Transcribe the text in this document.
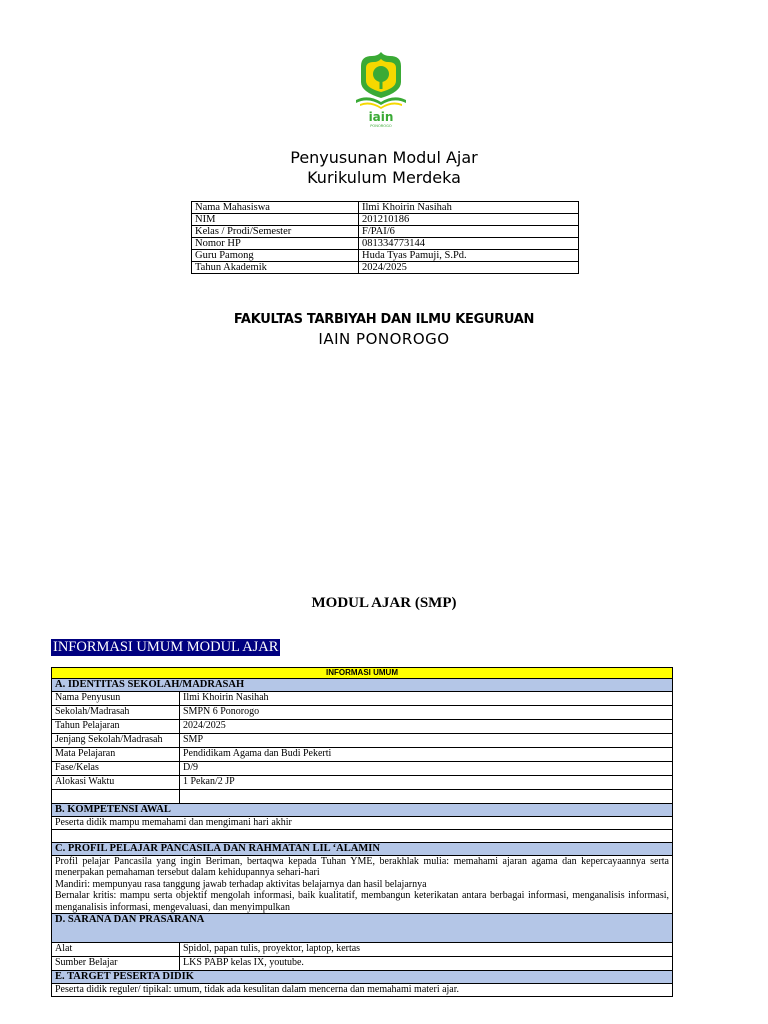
iain
PONOROGO
Penyusunan Modul Ajar
Kurikulum Merdeka
Nama Mahasiswa	Ilmi Khoirin Nasihah
NIM	201210186
Kelas / Prodi/Semester	F/PAI/6
Nomor HP	081334773144
Guru Pamong	Huda Tyas Pamuji, S.Pd.
Tahun Akademik	2024/2025
FAKULTAS TARBIYAH DAN ILMU KEGURUAN
IAIN PONOROGO
MODUL AJAR (SMP)
INFORMASI UMUM MODUL AJAR
INFORMASI UMUM	
A. IDENTITAS SEKOLAH/MADRASAH	
Nama Penyusun	Ilmi Khoirin Nasihah
Sekolah/Madrasah	SMPN 6 Ponorogo
Tahun Pelajaran	2024/2025
Jenjang Sekolah/Madrasah	SMP
Mata Pelajaran	Pendidikam Agama dan Budi Pekerti
Fase/Kelas	D/9
Alokasi Waktu	1 Pekan/2 JP

B. KOMPETENSI AWAL	
Peserta didik mampu memahami dan mengimani hari akhir	

C. PROFIL PELAJAR PANCASILA DAN RAHMATAN LIL ‘ALAMIN	

Profil pelajar Pancasila yang ingin Beriman, bertaqwa kepada Tuhan YME, berakhlak mulia: memahami ajaran agama dan kepercayaannya serta menerpakan pemahaman tersebut dalam kehidupannya sehari-hari
Mandiri: mempunyau rasa tanggung jawab terhadap aktivitas belajarnya dan hasil belajarnya
Bernalar kritis: mampu serta objektif mengolah informasi, baik kualitatif, membangun keterikatan antara berbagai informasi, menganalisis informasi, menganalisis informasi, mengevaluasi, dan menyimpulkan	

D. SARANA DAN PRASARANA	
Alat	Spidol, papan tulis, proyektor, laptop, kertas
Sumber Belajar	LKS PABP kelas IX, youtube.
E. TARGET PESERTA DIDIK	
Peserta didik reguler/ tipikal: umum, tidak ada kesulitan dalam mencerna dan memahami materi ajar.	
